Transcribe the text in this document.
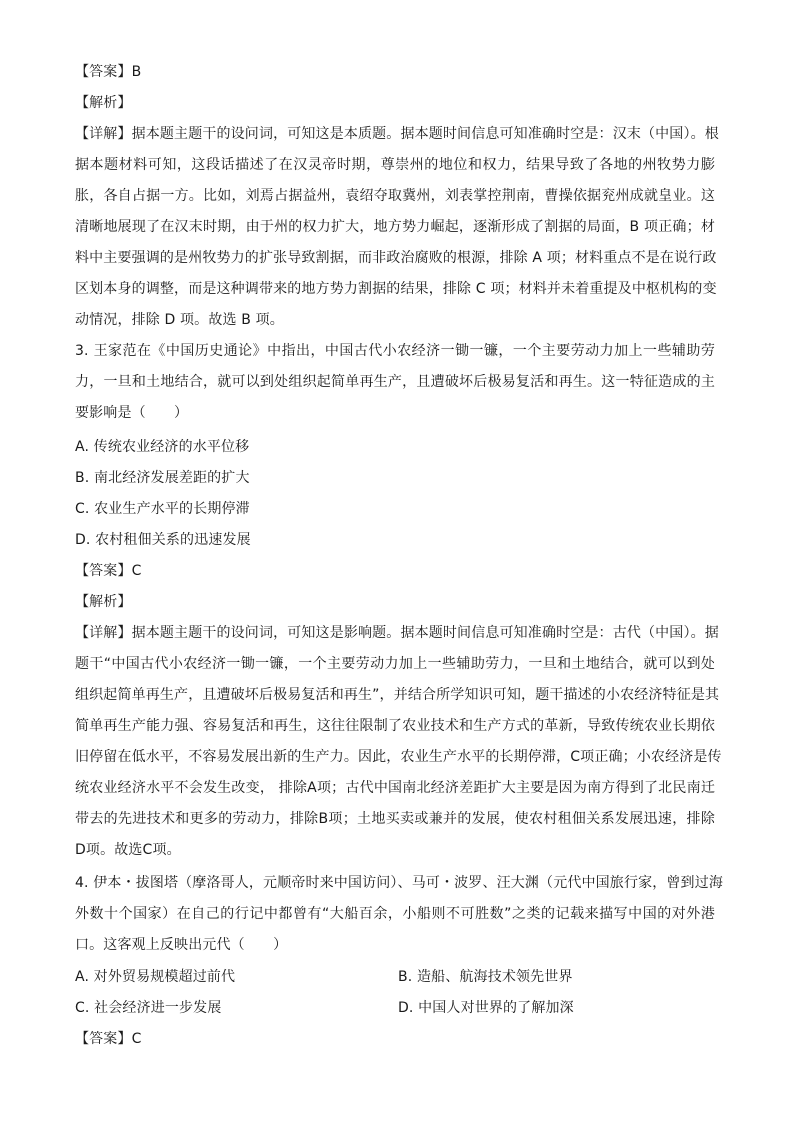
【答案】B
【解析】
【详解】据本题主题干的设问词，可知这是本质题。据本题时间信息可知准确时空是：汉末（中国）。根
据本题材料可知，这段话描述了在汉灵帝时期，尊崇州的地位和权力，结果导致了各地的州牧势力膨
胀，各自占据一方。比如，刘焉占据益州，袁绍夺取冀州，刘表掌控荆南，曹操依据兖州成就皇业。这
清晰地展现了在汉末时期，由于州的权力扩大，地方势力崛起，逐渐形成了割据的局面，B 项正确；材
料中主要强调的是州牧势力的扩张导致割据，而非政治腐败的根源，排除 A 项；材料重点不是在说行政
区划本身的调整，而是这种调带来的地方势力割据的结果，排除 C 项；材料并未着重提及中枢机构的变
动情况，排除 D 项。故选 B 项。
3. 王家范在《中国历史通论》中指出，中国古代小农经济一锄一镰，一个主要劳动力加上一些辅助劳
力，一旦和土地结合，就可以到处组织起简单再生产，且遭破坏后极易复活和再生。这一特征造成的主
要影响是（　　）
A. 传统农业经济的水平位移
B. 南北经济发展差距的扩大
C. 农业生产水平的长期停滞
D. 农村租佃关系的迅速发展
【答案】C
【解析】
【详解】据本题主题干的设问词，可知这是影响题。据本题时间信息可知准确时空是：古代（中国）。据
题干“中国古代小农经济一锄一镰，一个主要劳动力加上一些辅助劳力，一旦和土地结合，就可以到处
组织起简单再生产，且遭破坏后极易复活和再生”，并结合所学知识可知，题干描述的小农经济特征是其
简单再生产能力强、容易复活和再生，这往往限制了农业技术和生产方式的革新，导致传统农业长期依
旧停留在低水平，不容易发展出新的生产力。因此，农业生产水平的长期停滞，C项正确；小农经济是传
统农业经济水平不会发生改变， 排除A项；古代中国南北经济差距扩大主要是因为南方得到了北民南迁
带去的先进技术和更多的劳动力，排除B项；土地买卖或兼并的发展，使农村租佃关系发展迅速，排除
D项。故选C项。
4. 伊本・拔图塔（摩洛哥人，元顺帝时来中国访问）、马可・波罗、汪大渊（元代中国旅行家，曾到过海
外数十个国家）在自己的行记中都曾有“大船百余，小船则不可胜数”之类的记载来描写中国的对外港
口。这客观上反映出元代（　　）
A. 对外贸易规模超过前代	B. 造船、航海技术领先世界
C. 社会经济进一步发展	D. 中国人对世界的了解加深
【答案】C
